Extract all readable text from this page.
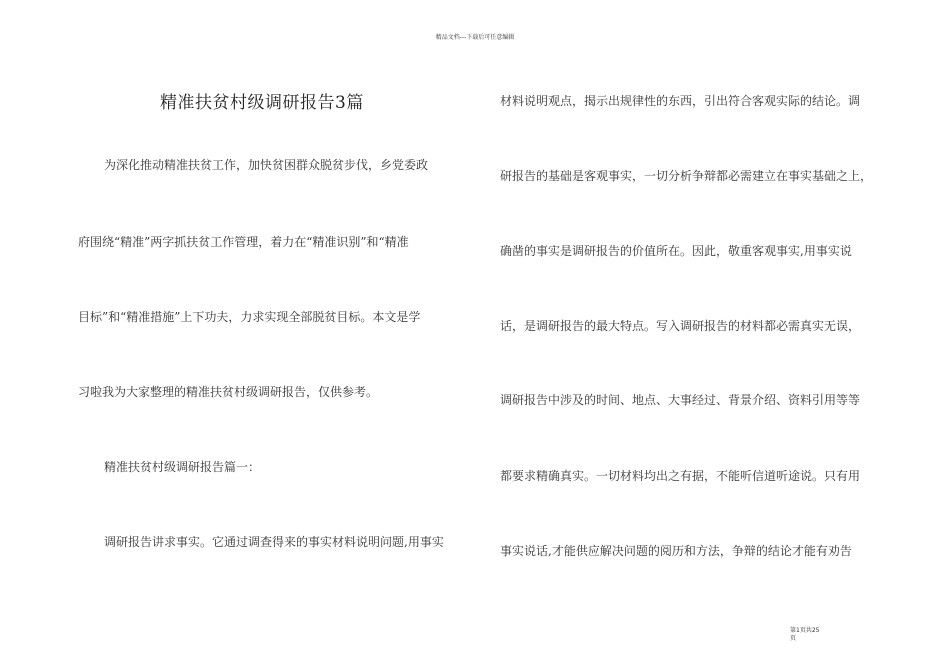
精品文档---下载后可任意编辑
精准扶贫村级调研报告3篇
为深化推动精准扶贫工作，加快贫困群众脱贫步伐，乡党委政
府围绕“精准”两字抓扶贫工作管理，着力在“精准识别”和“精准
目标”和“精准措施”上下功夫，力求实现全部脱贫目标。本文是学
习啦我为大家整理的精准扶贫村级调研报告，仅供参考。
精准扶贫村级调研报告篇一：
调研报告讲求事实。它通过调查得来的事实材料说明问题,用事实
材料说明观点，揭示出规律性的东西，引出符合客观实际的结论。调
研报告的基础是客观事实，一切分析争辩都必需建立在事实基础之上，
确凿的事实是调研报告的价值所在。因此，敬重客观事实,用事实说
话，是调研报告的最大特点。写入调研报告的材料都必需真实无误，
调研报告中涉及的时间、地点、大事经过、背景介绍、资料引用等等
都要求精确真实。一切材料均出之有据，不能听信道听途说。只有用
事实说话,才能供应解决问题的阅历和方法，争辩的结论才能有劝告
第1页共25
页
